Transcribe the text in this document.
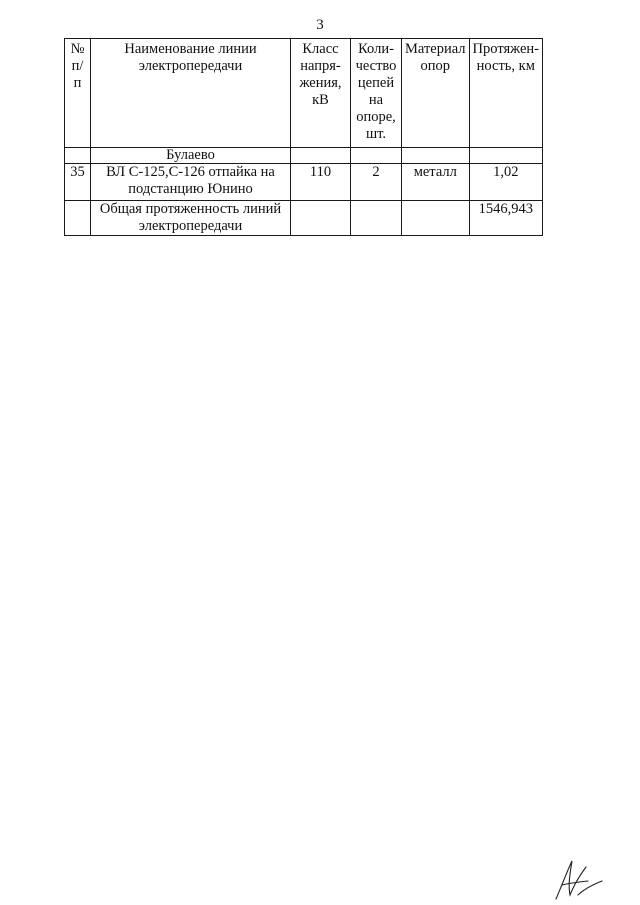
3
№ п/п	Наименование линии электропередачи	Класс напря-жения, кВ	Коли-чество цепей на опоре, шт.	Материал опор	Протяжен-ность, км
	Булаево				
35	ВЛ С-125,С-126 отпайка на подстанцию Юнино	110	2	металл	1,02
	Общая протяженность линий электропередачи				1546,943
